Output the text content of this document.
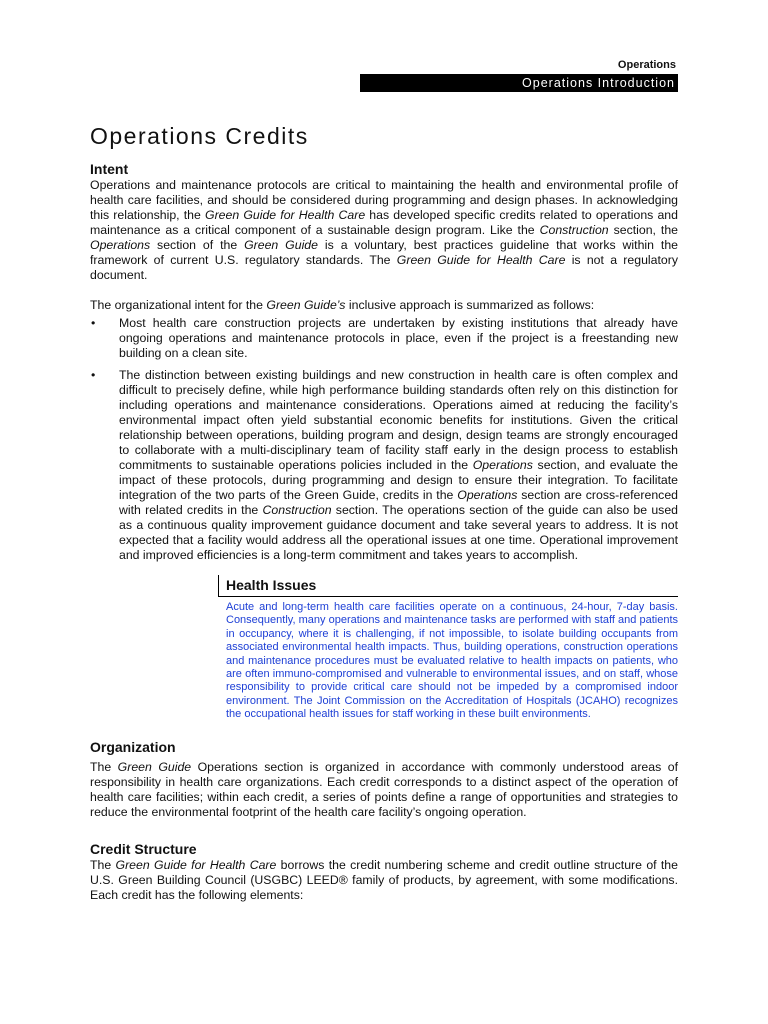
Operations
Operations Introduction
Operations Credits
Intent

Operations and maintenance protocols are critical to maintaining the health and environmental profile of health care facilities, and should be considered during programming and design phases. In acknowledging this relationship, the Green Guide for Health Care has developed specific credits related to operations and maintenance as a critical component of a sustainable design program. Like the Construction section, the Operations section of the Green Guide is a voluntary, best practices guideline that works within the framework of current U.S. regulatory standards. The Green Guide for Health Care is not a regulatory document.

The organizational intent for the Green Guide’s inclusive approach is summarized as follows:

• Most health care construction projects are undertaken by existing institutions that already have ongoing operations and maintenance protocols in place, even if the project is a freestanding new building on a clean site.
• The distinction between existing buildings and new construction in health care is often complex and difficult to precisely define, while high performance building standards often rely on this distinction for including operations and maintenance considerations. Operations aimed at reducing the facility’s environmental impact often yield substantial economic benefits for institutions. Given the critical relationship between operations, building program and design, design teams are strongly encouraged to collaborate with a multi-disciplinary team of facility staff early in the design process to establish commitments to sustainable operations policies included in the Operations section, and evaluate the impact of these protocols, during programming and design to ensure their integration. To facilitate integration of the two parts of the Green Guide, credits in the Operations section are cross-referenced with related credits in the Construction section. The operations section of the guide can also be used as a continuous quality improvement guidance document and take several years to address. It is not expected that a facility would address all the operational issues at one time. Operational improvement and improved efficiencies is a long-term commitment and takes years to accomplish.
Health Issues
Acute and long-term health care facilities operate on a continuous, 24-hour, 7-day basis. Consequently, many operations and maintenance tasks are performed with staff and patients in occupancy, where it is challenging, if not impossible, to isolate building occupants from associated environmental health impacts. Thus, building operations, construction operations and maintenance procedures must be evaluated relative to health impacts on patients, who are often immuno-compromised and vulnerable to environmental issues, and on staff, whose responsibility to provide critical care should not be impeded by a compromised indoor environment. The Joint Commission on the Accreditation of Hospitals (JCAHO) recognizes the occupational health issues for staff working in these built environments.
Organization

The Green Guide Operations section is organized in accordance with commonly understood areas of responsibility in health care organizations. Each credit corresponds to a distinct aspect of the operation of health care facilities; within each credit, a series of points define a range of opportunities and strategies to reduce the environmental footprint of the health care facility’s ongoing operation.

Credit Structure

The Green Guide for Health Care borrows the credit numbering scheme and credit outline structure of the U.S. Green Building Council (USGBC) LEED® family of products, by agreement, with some modifications. Each credit has the following elements:
